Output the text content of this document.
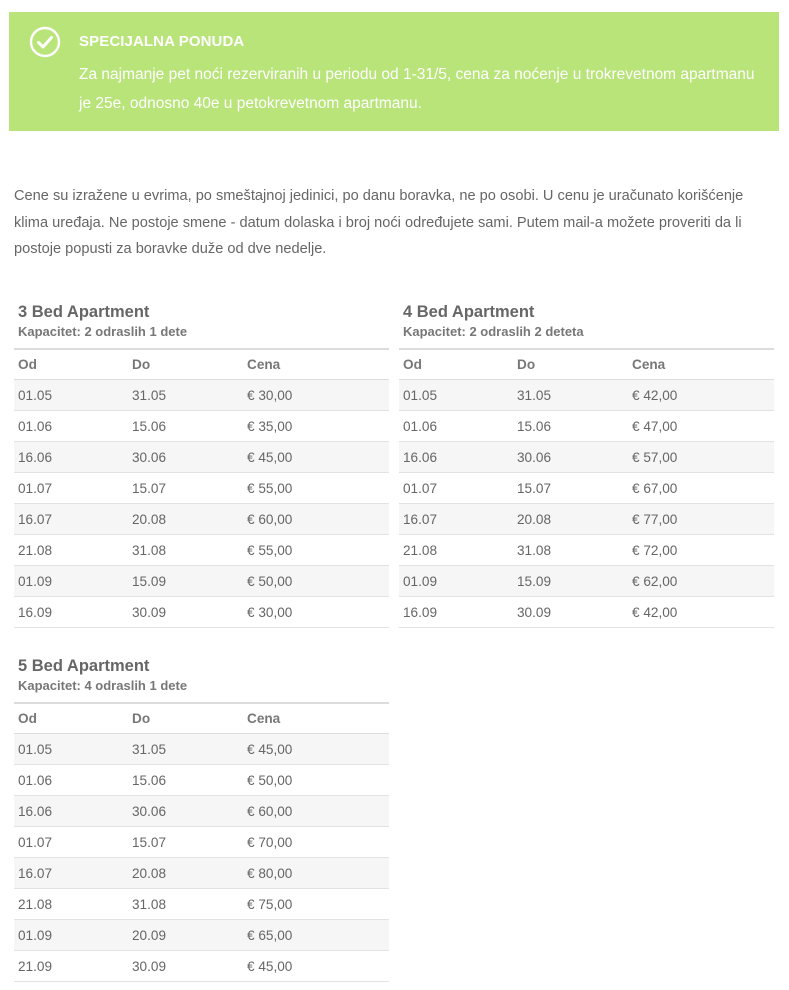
SPECIJALNA PONUDA
Za najmanje pet noći rezerviranih u periodu od 1-31/5, cena za noćenje u trokrevetnom apartmanu je 25e, odnosno 40e u petokrevetnom apartmanu.
Cene su izražene u evrima, po smeštajnoj jedinici, po danu boravka, ne po osobi. U cenu je uračunato korišćenje klima uređaja. Ne postoje smene - datum dolaska i broj noći određujete sami. Putem mail-a možete proveriti da li postoje popusti za boravke duže od dve nedelje.
3 Bed Apartment
Kapacitet: 2 odraslih 1 dete
Od	Do	Cena
01.05	31.05	€ 30,00
01.06	15.06	€ 35,00
16.06	30.06	€ 45,00
01.07	15.07	€ 55,00
16.07	20.08	€ 60,00
21.08	31.08	€ 55,00
01.09	15.09	€ 50,00
16.09	30.09	€ 30,00
4 Bed Apartment
Kapacitet: 2 odraslih 2 deteta
Od	Do	Cena
01.05	31.05	€ 42,00
01.06	15.06	€ 47,00
16.06	30.06	€ 57,00
01.07	15.07	€ 67,00
16.07	20.08	€ 77,00
21.08	31.08	€ 72,00
01.09	15.09	€ 62,00
16.09	30.09	€ 42,00
5 Bed Apartment
Kapacitet: 4 odraslih 1 dete
Od	Do	Cena
01.05	31.05	€ 45,00
01.06	15.06	€ 50,00
16.06	30.06	€ 60,00
01.07	15.07	€ 70,00
16.07	20.08	€ 80,00
21.08	31.08	€ 75,00
01.09	20.09	€ 65,00
21.09	30.09	€ 45,00
